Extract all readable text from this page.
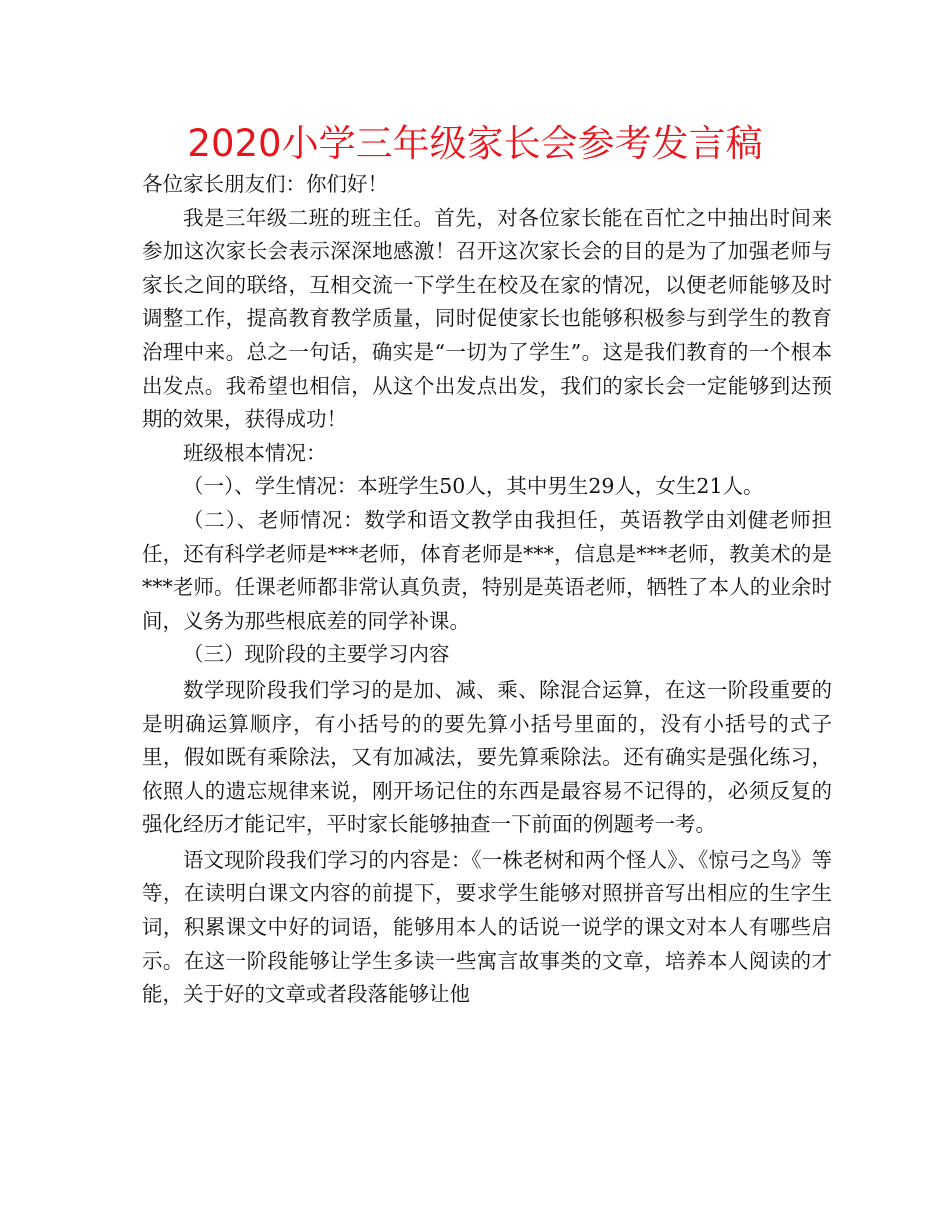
2020小学三年级家长会参考发言稿

各位家长朋友们：你们好！

我是三年级二班的班主任。首先，对各位家长能在百忙之中抽出时间来参加这次家长会表示深深地感激！召开这次家长会的目的是为了加强老师与家长之间的联络，互相交流一下学生在校及在家的情况，以便老师能够及时调整工作，提高教育教学质量，同时促使家长也能够积极参与到学生的教育治理中来。总之一句话，确实是“一切为了学生”。这是我们教育的一个根本出发点。我希望也相信，从这个出发点出发，我们的家长会一定能够到达预期的效果，获得成功！

班级根本情况：

（一）、学生情况：本班学生50人，其中男生29人，女生21人。

（二）、老师情况：数学和语文教学由我担任，英语教学由刘健老师担任，还有科学老师是***老师，体育老师是***，信息是***老师，教美术的是***老师。任课老师都非常认真负责，特别是英语老师，牺牲了本人的业余时间，义务为那些根底差的同学补课。

（三）现阶段的主要学习内容

数学现阶段我们学习的是加、减、乘、除混合运算，在这一阶段重要的是明确运算顺序，有小括号的的要先算小括号里面的，没有小括号的式子里，假如既有乘除法，又有加减法，要先算乘除法。还有确实是强化练习，依照人的遗忘规律来说，刚开场记住的东西是最容易不记得的，必须反复的强化经历才能记牢，平时家长能够抽查一下前面的例题考一考。

语文现阶段我们学习的内容是：《一株老树和两个怪人》、《惊弓之鸟》等等，在读明白课文内容的前提下，要求学生能够对照拼音写出相应的生字生词，积累课文中好的词语，能够用本人的话说一说学的课文对本人有哪些启示。在这一阶段能够让学生多读一些寓言故事类的文章，培养本人阅读的才能，关于好的文章或者段落能够让他
